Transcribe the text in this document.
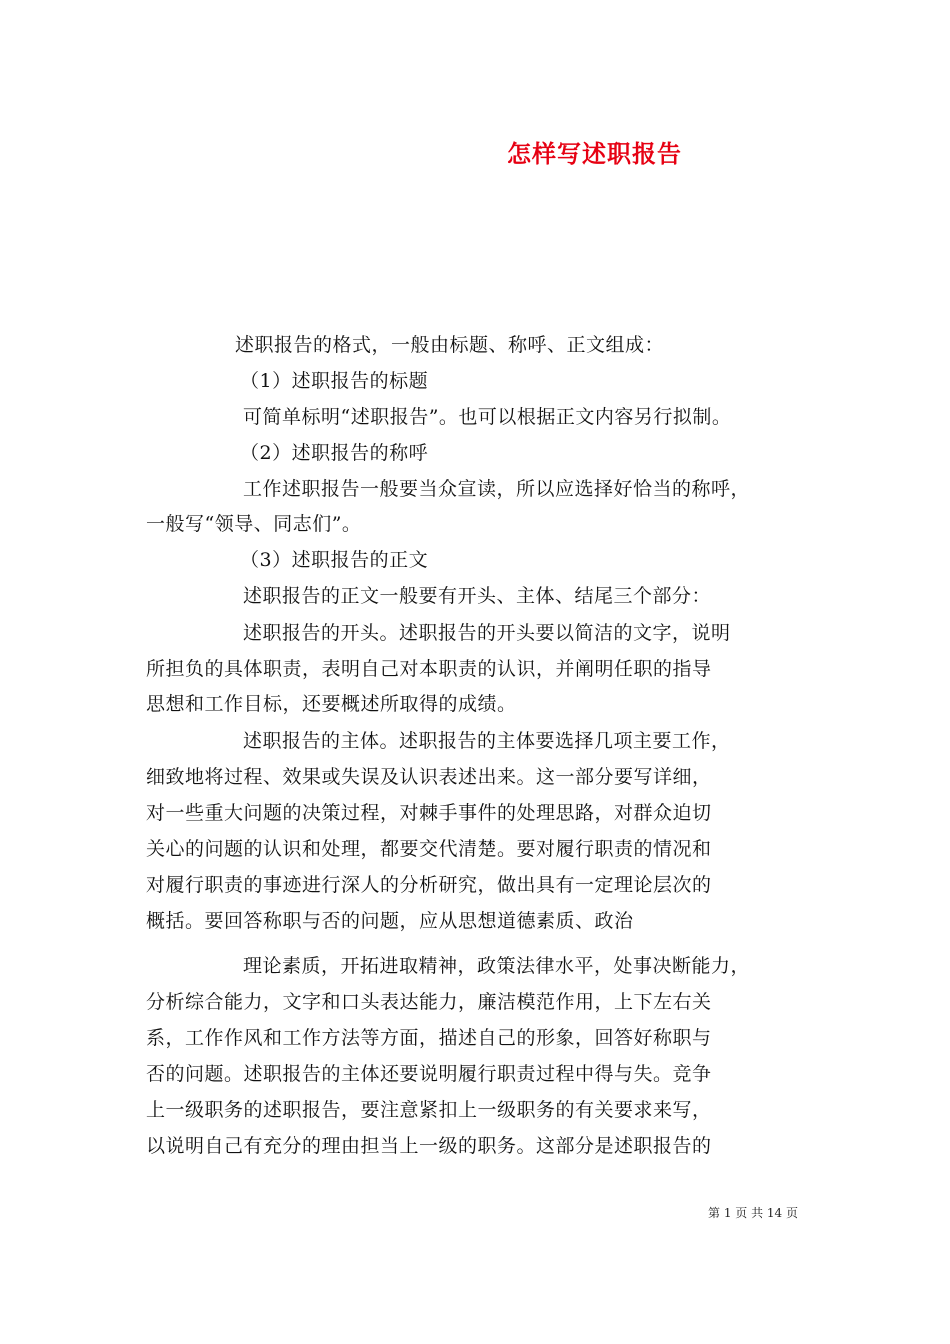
怎样写述职报告
述职报告的格式，一般由标题、称呼、正文组成：
（1）述职报告的标题
可简单标明“述职报告”。也可以根据正文内容另行拟制。
（2）述职报告的称呼
工作述职报告一般要当众宣读，所以应选择好恰当的称呼，
一般写“领导、同志们”。
（3）述职报告的正文
述职报告的正文一般要有开头、主体、结尾三个部分：
述职报告的开头。述职报告的开头要以简洁的文字，说明
所担负的具体职责，表明自己对本职责的认识，并阐明任职的指导
思想和工作目标，还要概述所取得的成绩。
述职报告的主体。述职报告的主体要选择几项主要工作，
细致地将过程、效果或失误及认识表述出来。这一部分要写详细，
对一些重大问题的决策过程，对棘手事件的处理思路，对群众迫切
关心的问题的认识和处理，都要交代清楚。要对履行职责的情况和
对履行职责的事迹进行深人的分析研究，做出具有一定理论层次的
概括。要回答称职与否的问题，应从思想道德素质、政治
理论素质，开拓进取精神，政策法律水平，处事决断能力，
分析综合能力，文字和口头表达能力，廉洁模范作用，上下左右关
系，工作作风和工作方法等方面，描述自己的形象，回答好称职与
否的问题。述职报告的主体还要说明履行职责过程中得与失。竞争
上一级职务的述职报告，要注意紧扣上一级职务的有关要求来写，
以说明自己有充分的理由担当上一级的职务。这部分是述职报告的
第 1 页 共 14 页
